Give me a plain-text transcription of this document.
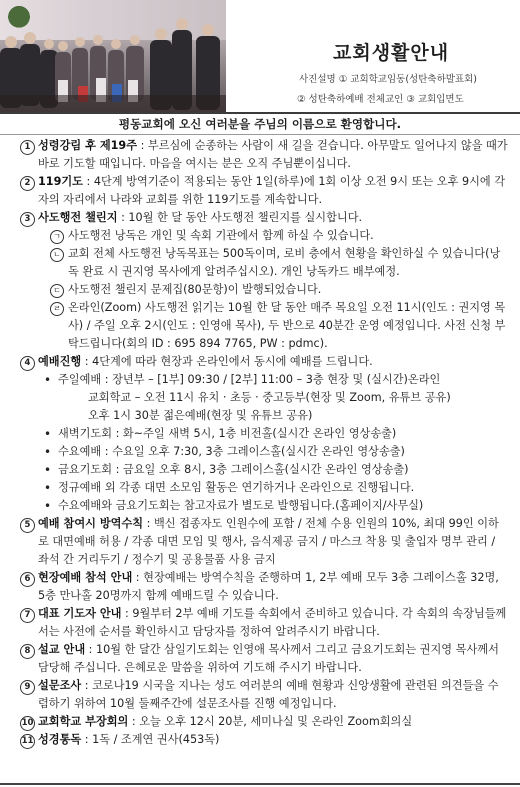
교회생활안내
사진설명 ① 교회학교임동(성탄축하발표회)
② 성탄축하예배 전체교인 ③ 교회입면도
평동교회에 오신 여러분을 주님의 이름으로 환영합니다.
1 성령강림 후 제19주 : 부르심에 순종하는 사람이 새 길을 걷습니다. 아무말도 일어나지 않을 때가 바로 기도할 때입니다. 마음을 여시는 분은 오직 주님뿐이십니다.
2 119기도 : 4단계 방역기준이 적용되는 동안 1일(하루)에 1회 이상 오전 9시 또는 오후 9시에 각자의 자리에서 나라와 교회를 위한 119기도를 계속합니다.
3 사도행전 챌린지 : 10월 한 달 동안 사도행전 챌린지를 실시합니다.
ㄱ 사도행전 낭독은 개인 및 속회 기관에서 함께 하실 수 있습니다.
ㄴ 교회 전체 사도행전 낭독목표는 500독이며, 로비 층에서 현황을 확인하실 수 있습니다(낭독 완료 시 권지영 목사에게 알려주십시오). 개인 낭독카드 배부예정.
ㄷ 사도행전 챌린지 문제집(80문항)이 발행되었습니다.
ㄹ 온라인(Zoom) 사도행전 읽기는 10월 한 달 동안 매주 목요일 오전 11시(인도 : 권지영 목사) / 주일 오후 2시(인도 : 인영애 목사), 두 반으로 40분간 운영 예정입니다. 사전 신청 부탁드립니다(회의 ID : 695 894 7765, PW : pdmc).
4 예배진행 : 4단계에 따라 현장과 온라인에서 동시에 예배를 드립니다.
• 주일예배 : 장년부 – [1부] 09:30 / [2부] 11:00 – 3층 현장 및 (실시간)온라인
교회학교 – 오전 11시 유치 · 초등 · 중고등부(현장 및 Zoom, 유튜브 공유)
오후 1시 30분 젊은예배(현장 및 유튜브 공유)
• 새벽기도회 : 화~주일 새벽 5시, 1층 비전홀(실시간 온라인 영상송출)
• 수요예배 : 수요일 오후 7:30, 3층 그레이스홀(실시간 온라인 영상송출)
• 금요기도회 : 금요일 오후 8시, 3층 그레이스홀(실시간 온라인 영상송출)
• 정규예배 외 각종 대면 소모임 활동은 연기하거나 온라인으로 진행됩니다.
• 수요예배와 금요기도회는 참고자료가 별도로 발행됩니다.(홈페이지/사무실)
5 예배 참여시 방역수칙 : 백신 접종자도 인원수에 포함 / 전체 수용 인원의 10%, 최대 99인 이하로 대면예배 허용 / 각종 대면 모임 및 행사, 음식제공 금지 / 마스크 착용 및 출입자 명부 관리 / 좌석 간 거리두기 / 정수기 및 공용물품 사용 금지
6 현장예배 참석 안내 : 현장예배는 방역수칙을 준행하며 1, 2부 예배 모두 3층 그레이스홀 32명, 5층 만나홀 20명까지 함께 예배드릴 수 있습니다.
7 대표 기도자 안내 : 9월부터 2부 예배 기도를 속회에서 준비하고 있습니다. 각 속회의 속장님들께서는 사전에 순서를 확인하시고 담당자를 정하여 알려주시기 바랍니다.
8 설교 안내 : 10월 한 달간 삼일기도회는 인영애 목사께서 그리고 금요기도회는 권지영 목사께서 담당해 주십니다. 은혜로운 말씀을 위하여 기도해 주시기 바랍니다.
9 설문조사 : 코로나19 시국을 지나는 성도 여러분의 예배 현황과 신앙생활에 관련된 의견들을 수렴하기 위하여 10월 둘째주간에 설문조사를 진행 예정입니다.
10 교회학교 부장회의 : 오늘 오후 12시 20분, 세미나실 및 온라인 Zoom회의실
11 성경통독 : 1독 / 조계연 권사(453독)
